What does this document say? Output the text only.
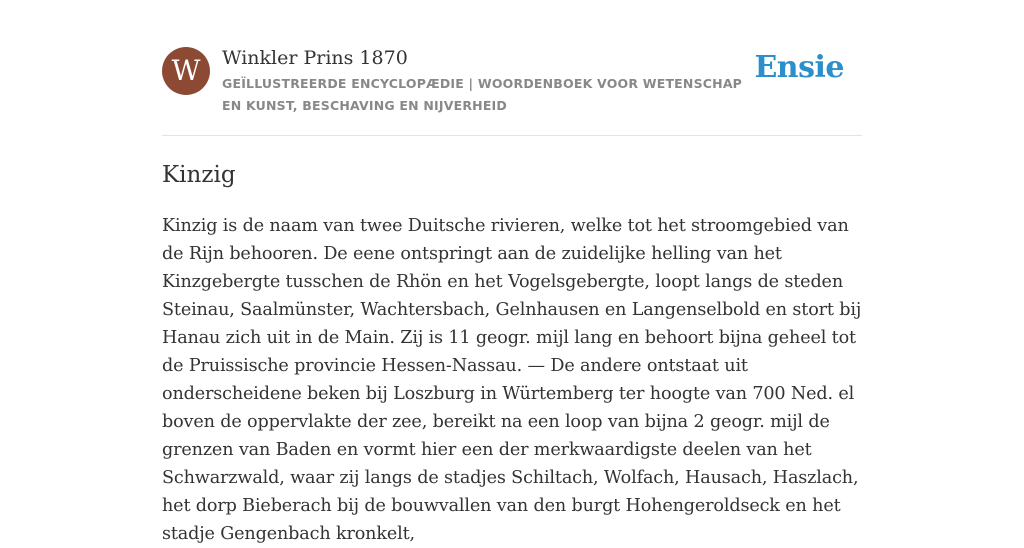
W	Winkler Prins 1870
GEÏLLUSTREERDE ENCYCLOPÆDIE | WOORDENBOEK VOOR WETENSCHAP EN KUNST, BESCHAVING EN NIJVERHEID
Ensie
Kinzig

Kinzig is de naam van twee Duitsche rivieren, welke tot het stroomgebied van de Rijn behooren. De eene ontspringt aan de zuidelijke helling van het Kinzgebergte tusschen de Rhön en het Vogelsgebergte, loopt langs de steden Steinau, Saalmünster, Wachtersbach, Gelnhausen en Langenselbold en stort bij Hanau zich uit in de Main. Zij is 11 geogr. mijl lang en behoort bijna geheel tot de Pruissische provincie Hessen-Nassau. — De andere ontstaat uit onderscheidene beken bij Loszburg in Würtemberg ter hoogte van 700 Ned. el boven de oppervlakte der zee, bereikt na een loop van bijna 2 geogr. mijl de grenzen van Baden en vormt hier een der merkwaardigste deelen van het Schwarzwald, waar zij langs de stadjes Schiltach, Wolfach, Hausach, Haszlach, het dorp Bieberach bij de bouwvallen van den burgt Hohengeroldseck en het stadje Gengenbach kronkelt,
